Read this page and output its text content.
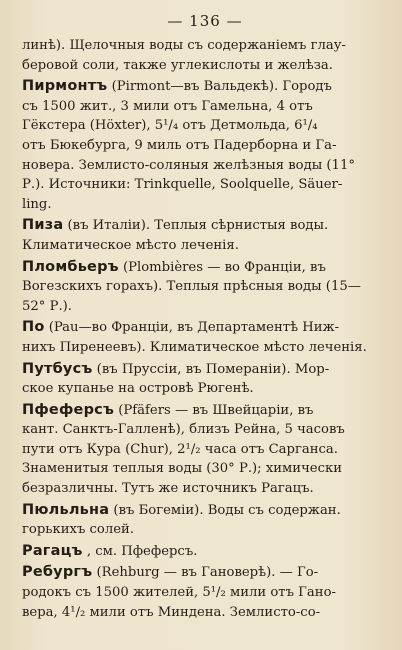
— 136 —

линѣ). Щелочныя воды съ содержанiемъ глау-
беровой соли, также углекислоты и желѣза.

Пирмонтъ (Pirmont—въ Вальдекѣ). Городъ
съ 1500 жит., 3 мили отъ Гамельна, 4 отъ
Гёкстера (Höxter), 5¹/₄ отъ Детмольда, 6¹/₄
отъ Бюкебурга, 9 миль отъ Падерборна и Га-
новера. Землисто-соляныя желѣзныя воды (11°
Р.). Источники: Trinkquelle, Soolquelle, Säuer-
ling.

Пиза (въ Италiи). Теплыя сѣрнистыя воды.
Климатическое мѣсто леченiя.

Пломбьеръ (Plombières — во Францiи, въ
Вогезскихъ горахъ). Теплыя прѣсныя воды (15—
52° Р.).

По (Pau—во Францiи, въ Департаментѣ Ниж-
нихъ Пиренеевъ). Климатическое мѣсто леченiя.

Путбусъ (въ Пруссiи, въ Померанiи). Мор-
ское купанье на островѣ Рюгенѣ.

Пфеферсъ (Pfäfers — въ Швейцарiи, въ
кант. Санктъ-Галленѣ), близъ Рейна, 5 часовъ
пути отъ Кура (Chur), 2¹/₂ часа отъ Сарганса.
Знаменитыя теплыя воды (30° Р.); химически
безразличны. Тутъ же источникъ Рагацъ.

Пюльльна (въ Богемiи). Воды съ содержан.
горькихъ солей.

Рагацъ , см. Пфеферсъ.

Ребургъ (Rehburg — въ Гановерѣ). — Го-
родокъ съ 1500 жителей, 5¹/₂ мили отъ Гано-
вера, 4¹/₂ мили отъ Миндена. Землисто-со-
